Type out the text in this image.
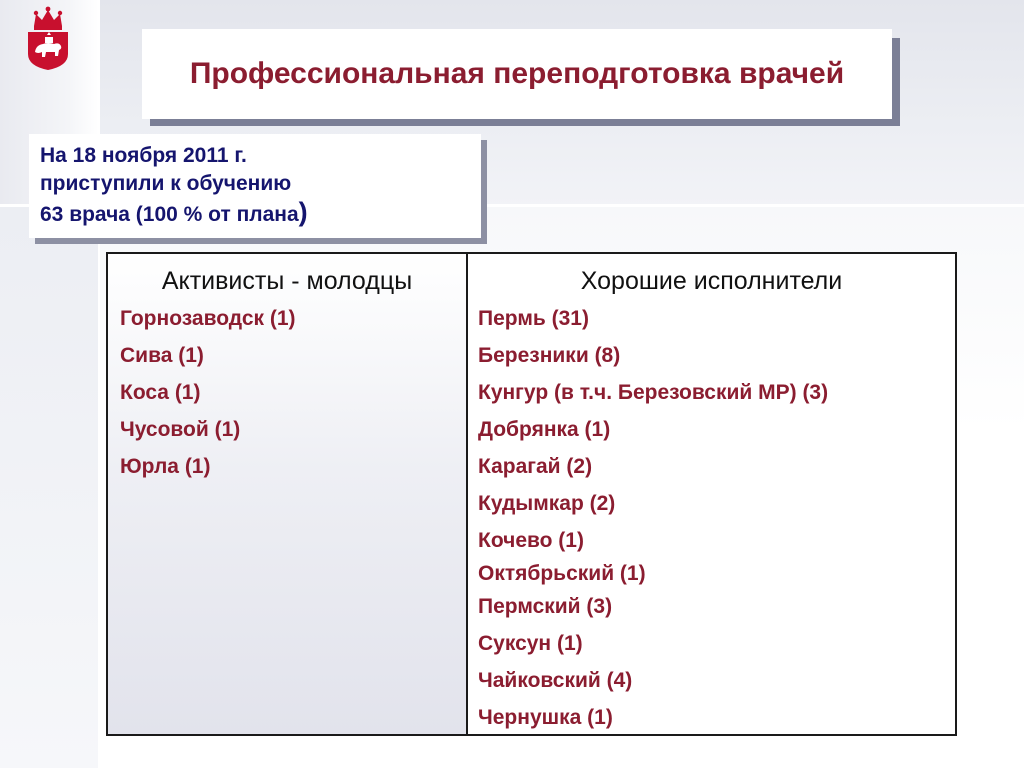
Профессиональная переподготовка врачей
На 18 ноября 2011 г.
приступили к обучению
63 врача (100 % от плана)
Активисты - молодцы
Горнозаводск (1)
Сива (1)
Коса (1)
Чусовой (1)
Юрла (1)
Хорошие исполнители
Пермь (31)
Березники (8)
Кунгур (в т.ч. Березовский МР) (3)
Добрянка (1)
Карагай (2)
Кудымкар (2)
Кочево (1)
Октябрьский (1)
Пермский (3)
Суксун (1)
Чайковский (4)
Чернушка (1)
